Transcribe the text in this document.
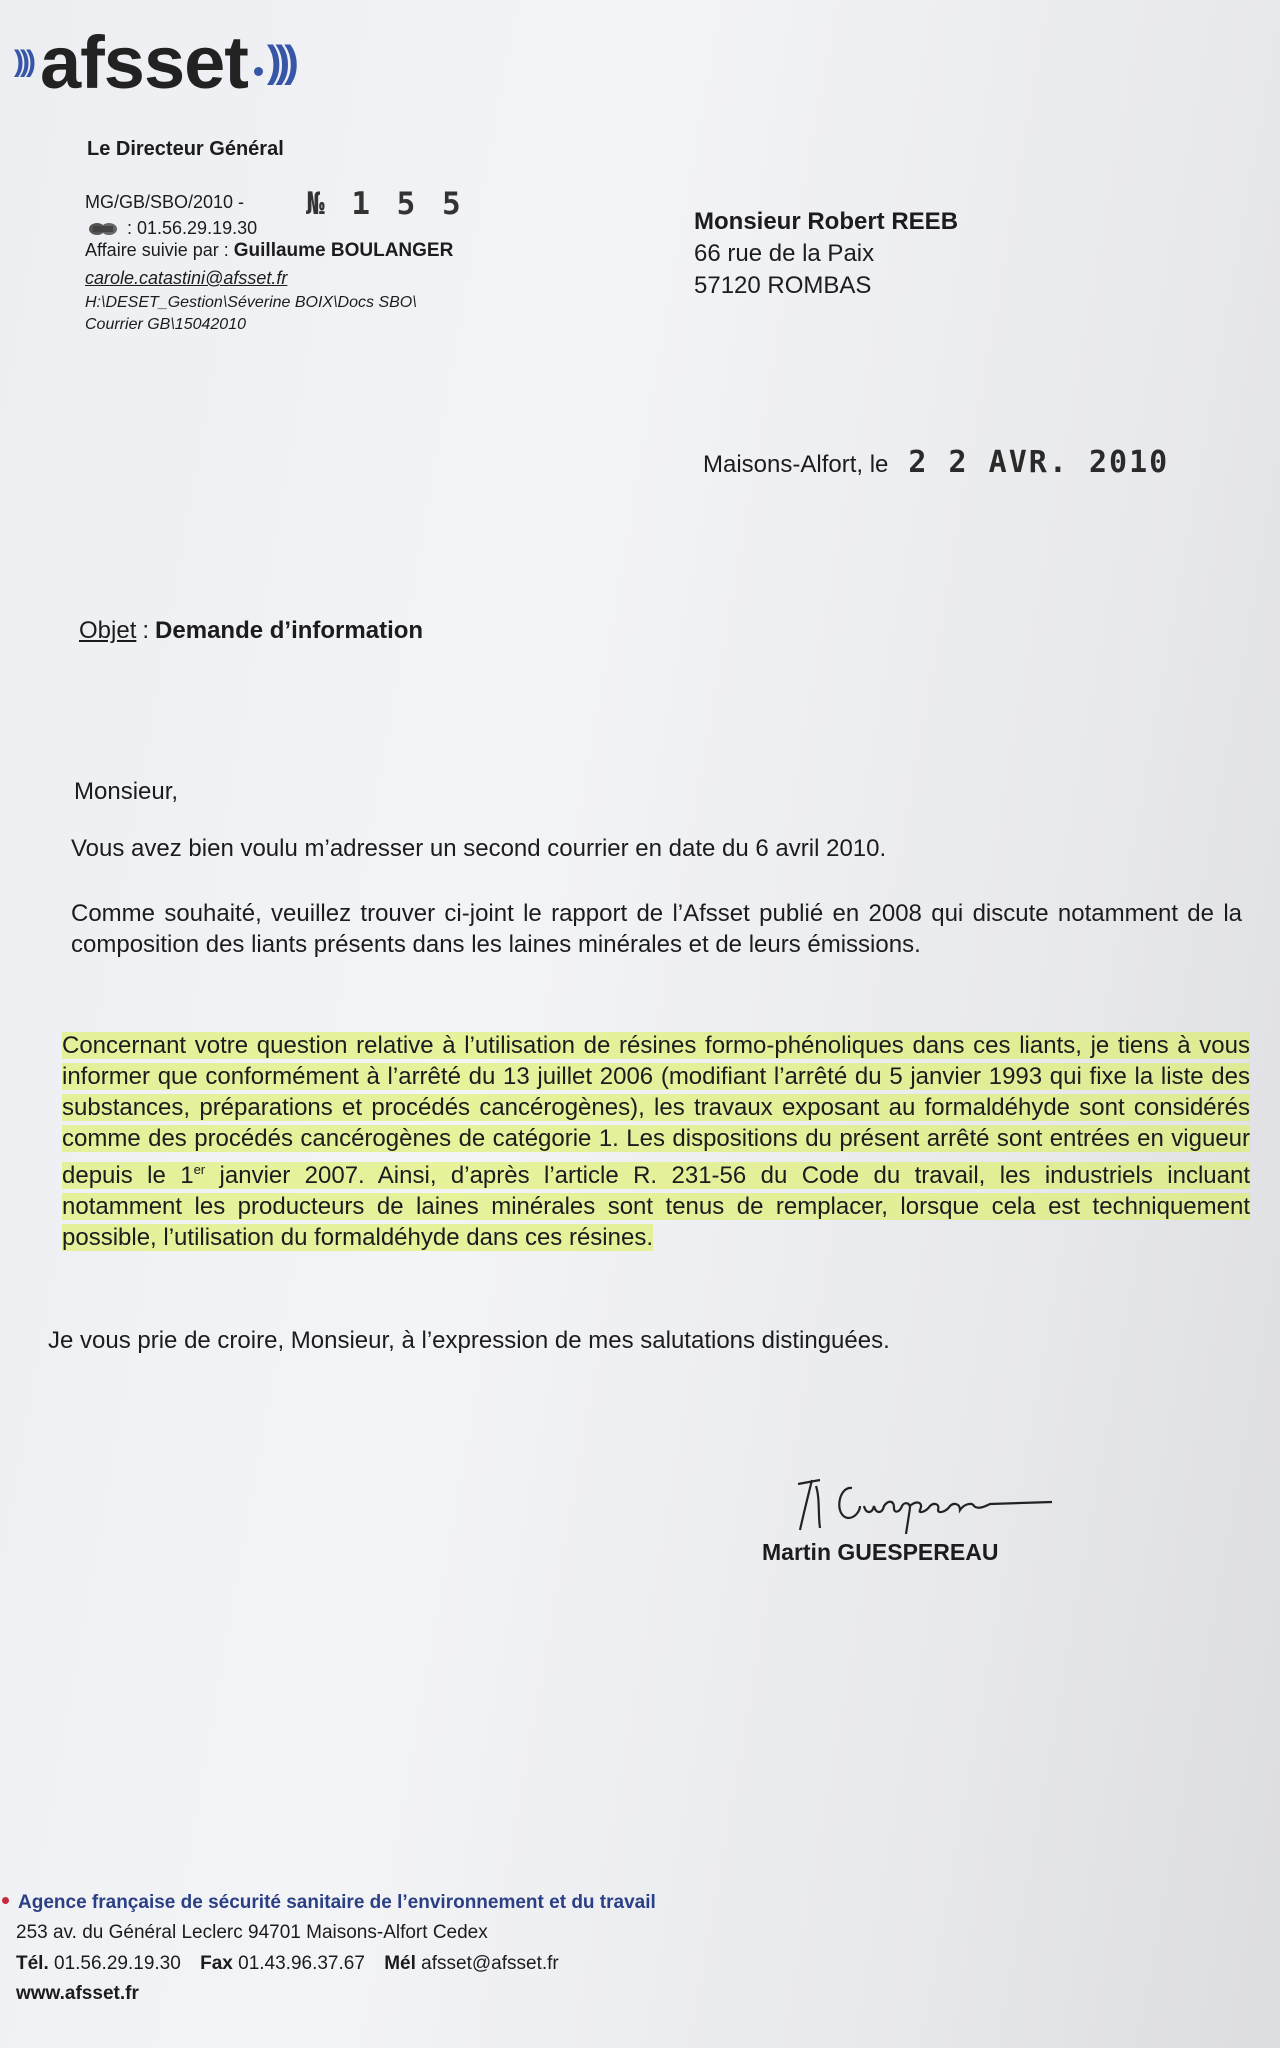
))) afsset )))
Le Directeur Général
MG/GB/SBO/2010 - № 1 5 5
: 01.56.29.19.30
Affaire suivie par : Guillaume BOULANGER
carole.catastini@afsset.fr
H:\DESET_Gestion\Séverine BOIX\Docs SBO\
Courrier GB\15042010
Monsieur Robert REEB
66 rue de la Paix
57120 ROMBAS
Maisons-Alfort, le 2 2 AVR. 2010
Objet : Demande d’information
Monsieur,
Vous avez bien voulu m’adresser un second courrier en date du 6 avril 2010.
Comme souhaité, veuillez trouver ci-joint le rapport de l’Afsset publié en 2008 qui discute notamment de la composition des liants présents dans les laines minérales et de leurs émissions.
Concernant votre question relative à l’utilisation de résines formo-phénoliques dans ces liants, je tiens à vous informer que conformément à l’arrêté du 13 juillet 2006 (modifiant l’arrêté du 5 janvier 1993 qui fixe la liste des substances, préparations et procédés cancérogènes), les travaux exposant au formaldéhyde sont considérés comme des procédés cancérogènes de catégorie 1. Les dispositions du présent arrêté sont entrées en vigueur depuis le 1er janvier 2007. Ainsi, d’après l’article R. 231-56 du Code du travail, les industriels incluant notamment les producteurs de laines minérales sont tenus de remplacer, lorsque cela est techniquement possible, l’utilisation du formaldéhyde dans ces résines.
Je vous prie de croire, Monsieur, à l’expression de mes salutations distinguées.
Martin GUESPEREAU
Agence française de sécurité sanitaire de l’environnement et du travail
253 av. du Général Leclerc 94701 Maisons-Alfort Cedex
Tél. 01.56.29.19.30 Fax 01.43.96.37.67 Mél afsset@afsset.fr
www.afsset.fr
